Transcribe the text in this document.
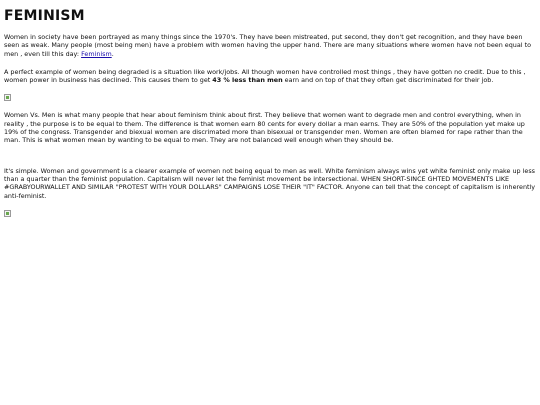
FEMINISM

Women in society have been portrayed as many things since the 1970's. They have been mistreated, put second, they don't get recognition, and they have been seen as weak. Many people (most being men) have a problem with women having the upper hand. There are many situations where women have not been equal to men , even till this day: Feminism.

A perfect example of women being degraded is a situation like work/jobs. All though women have controlled most things , they have gotten no credit. Due to this , women power in business has declined. This causes them to get 43 % less than men earn and on top of that they often get discriminated for their job.

Women Vs. Men is what many people that hear about feminism think about first. They believe that women want to degrade men and control everything, when in reality , the purpose is to be equal to them. The difference is that women earn 80 cents for every dollar a man earns. They are 50% of the population yet make up 19% of the congress. Transgender and biexual women are discrimated more than bisexual or transgender men. Women are often blamed for rape rather than the man. This is what women mean by wanting to be equal to men. They are not balanced well enough when they should be.

It's simple. Women and government is a clearer example of women not being equal to men as well. White feminism always wins yet white feminist only make up less than a quarter than the feminist population. Capitalism will never let the feminist movement be intersectional. WHEN SHORT-SINCE GHTED MOVEMENTS LIKE #GRABYOURWALLET AND SIMILAR "PROTEST WITH YOUR DOLLARS" CAMPAIGNS LOSE THEIR "IT" FACTOR. Anyone can tell that the concept of capitalism is inherently anti-feminist.
